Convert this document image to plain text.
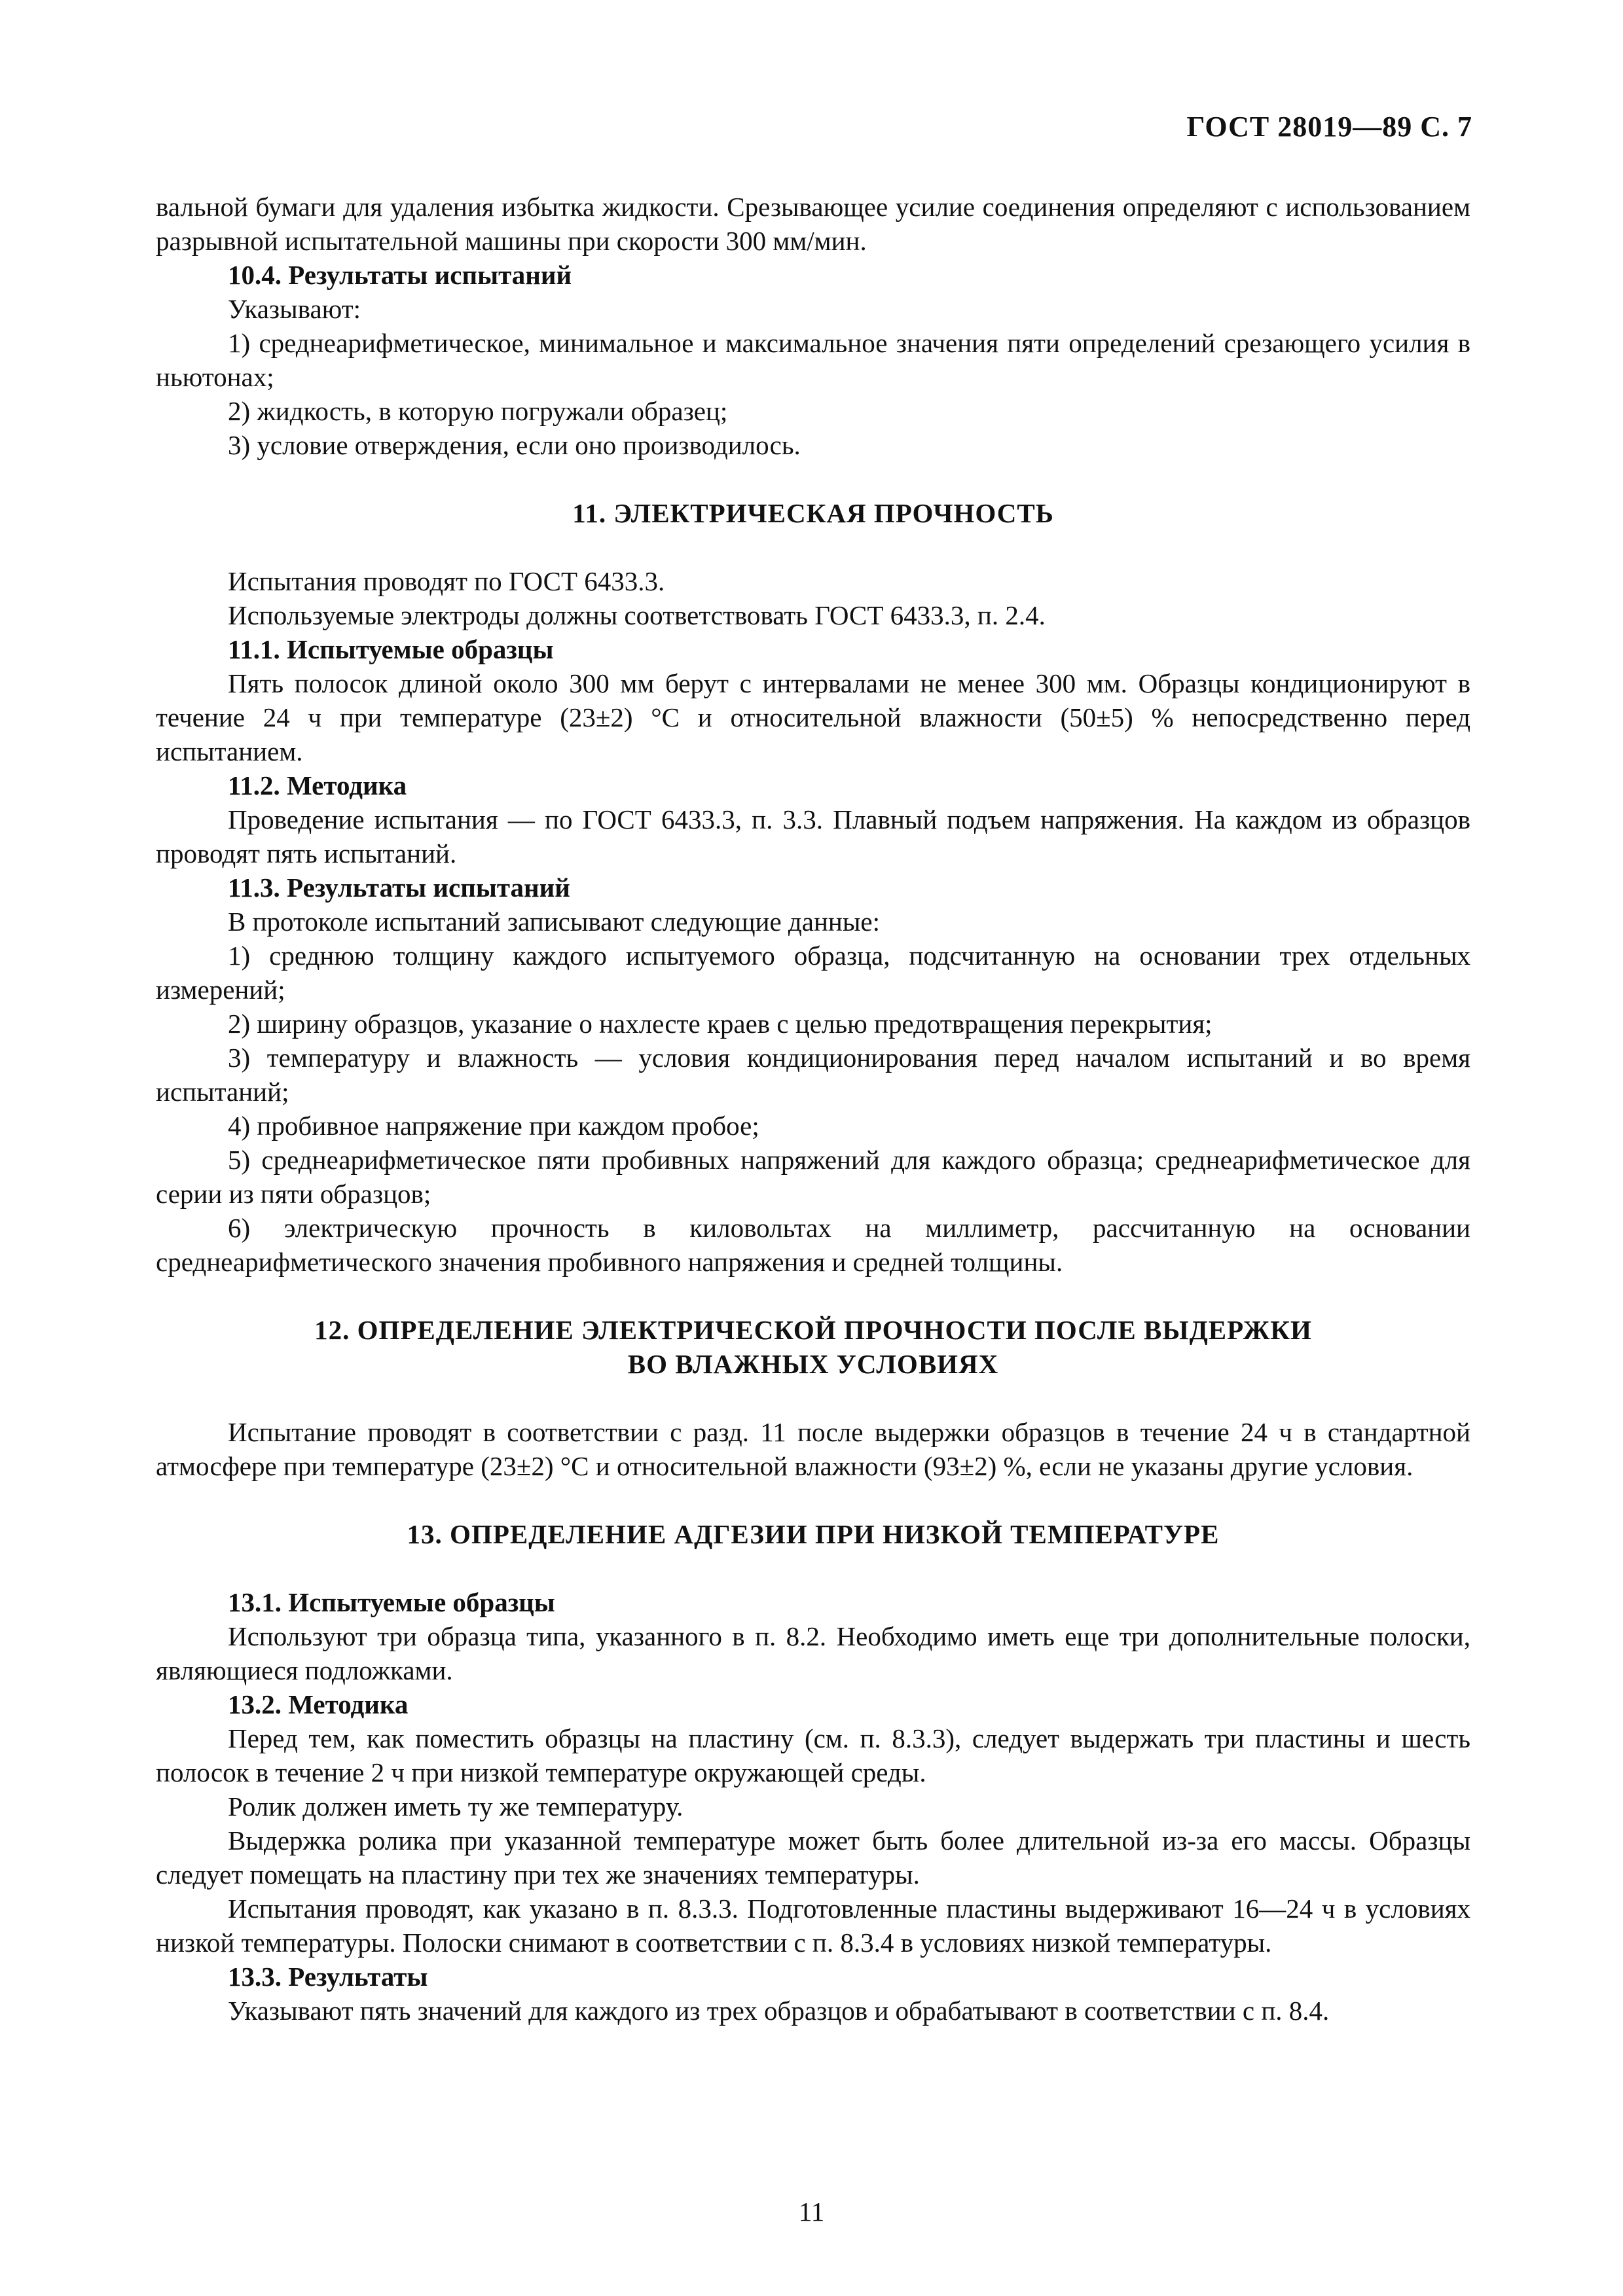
ГОСТ 28019—89 С. 7

вальной бумаги для удаления избытка жидкости. Срезывающее усилие соединения определяют с использованием разрывной испытательной машины при скорости 300 мм/мин.

10.4. Результаты испытаний

Указывают:

1) среднеарифметическое, минимальное и максимальное значения пяти определений срезающего усилия в ньютонах;

2) жидкость, в которую погружали образец;

3) условие отверждения, если оно производилось.

11. ЭЛЕКТРИЧЕСКАЯ ПРОЧНОСТЬ

Испытания проводят по ГОСТ 6433.3.

Используемые электроды должны соответствовать ГОСТ 6433.3, п. 2.4.

11.1. Испытуемые образцы

Пять полосок длиной около 300 мм берут с интервалами не менее 300 мм. Образцы кондиционируют в течение 24 ч при температуре (23±2) °С и относительной влажности (50±5) % непосредственно перед испытанием.

11.2. Методика

Проведение испытания — по ГОСТ 6433.3, п. 3.3. Плавный подъем напряжения. На каждом из образцов проводят пять испытаний.

11.3. Результаты испытаний

В протоколе испытаний записывают следующие данные:

1) среднюю толщину каждого испытуемого образца, подсчитанную на основании трех отдельных измерений;

2) ширину образцов, указание о нахлесте краев с целью предотвращения перекрытия;

3) температуру и влажность — условия кондиционирования перед началом испытаний и во время испытаний;

4) пробивное напряжение при каждом пробое;

5) среднеарифметическое пяти пробивных напряжений для каждого образца; среднеарифметическое для серии из пяти образцов;

6) электрическую прочность в киловольтах на миллиметр, рассчитанную на основании среднеарифметического значения пробивного напряжения и средней толщины.

12. ОПРЕДЕЛЕНИЕ ЭЛЕКТРИЧЕСКОЙ ПРОЧНОСТИ ПОСЛЕ ВЫДЕРЖКИ

ВО ВЛАЖНЫХ УСЛОВИЯХ

Испытание проводят в соответствии с разд. 11 после выдержки образцов в течение 24 ч в стандартной атмосфере при температуре (23±2) °С и относительной влажности (93±2) %, если не указаны другие условия.

13. ОПРЕДЕЛЕНИЕ АДГЕЗИИ ПРИ НИЗКОЙ ТЕМПЕРАТУРЕ

13.1. Испытуемые образцы

Используют три образца типа, указанного в п. 8.2. Необходимо иметь еще три дополнительные полоски, являющиеся подложками.

13.2. Методика

Перед тем, как поместить образцы на пластину (см. п. 8.3.3), следует выдержать три пластины и шесть полосок в течение 2 ч при низкой температуре окружающей среды.

Ролик должен иметь ту же температуру.

Выдержка ролика при указанной температуре может быть более длительной из-за его массы. Образцы следует помещать на пластину при тех же значениях температуры.

Испытания проводят, как указано в п. 8.3.3. Подготовленные пластины выдерживают 16—24 ч в условиях низкой температуры. Полоски снимают в соответствии с п. 8.3.4 в условиях низкой температуры.

13.3. Результаты

Указывают пять значений для каждого из трех образцов и обрабатывают в соответствии с п. 8.4.

11
